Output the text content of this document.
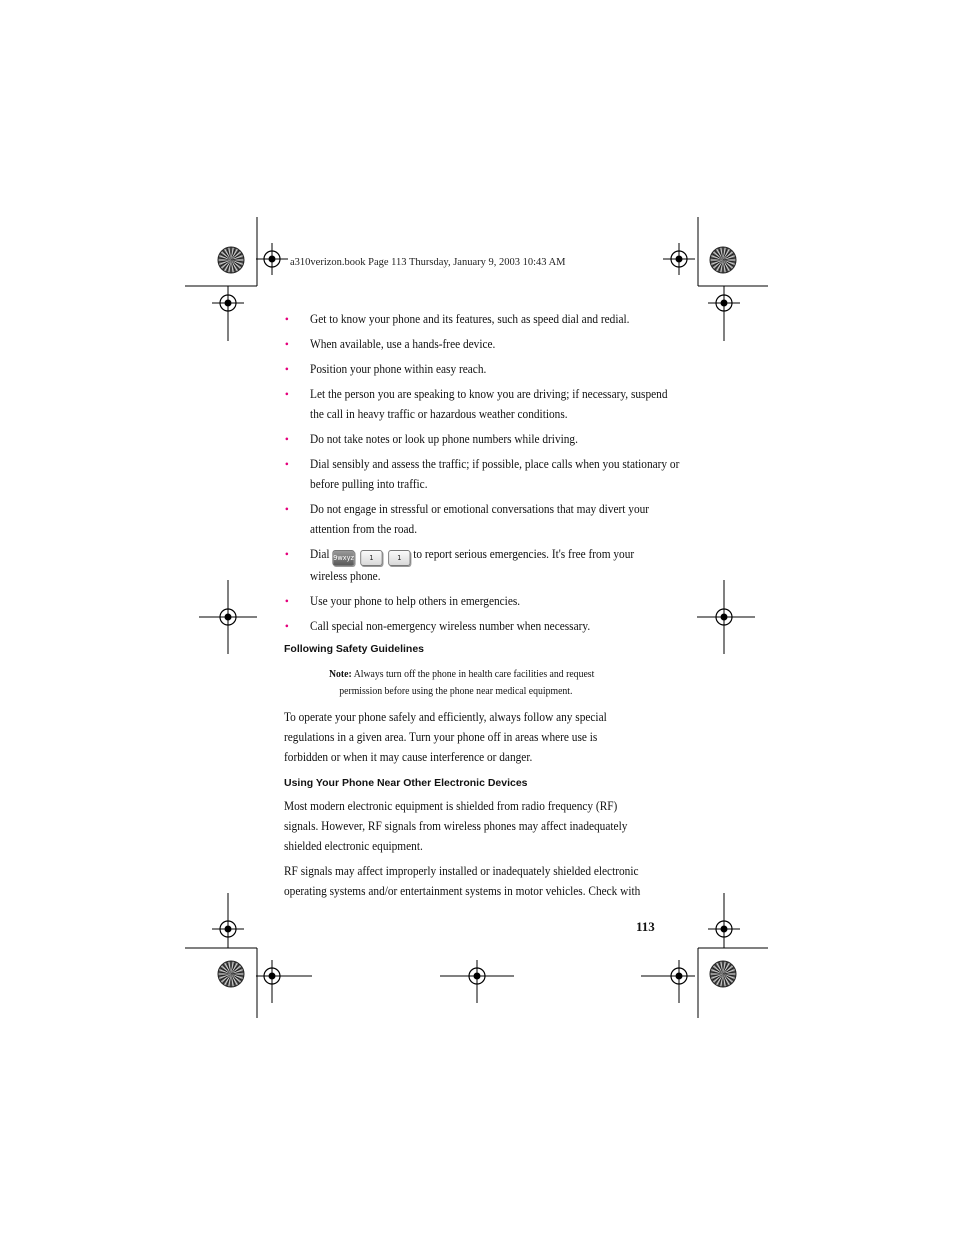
a310verizon.book Page 113 Thursday, January 9, 2003 10:43 AM
• Get to know your phone and its features, such as speed dial and redial.
• When available, use a hands-free device.
• Position your phone within easy reach.
• Let the person you are speaking to know you are driving; if necessary, suspend the call in heavy traffic or hazardous weather conditions.
• Do not take notes or look up phone numbers while driving.
• Dial sensibly and assess the traffic; if possible, place calls when you stationary or before pulling into traffic.
• Do not engage in stressful or emotional conversations that may divert your attention from the road.
• Dial 9wxyz 1	1 to report serious emergencies. It's free from your
wireless phone.
• Use your phone to help others in emergencies.
• Call special non-emergency wireless number when necessary.
Following Safety Guidelines
Note: Always turn off the phone in health care facilities and request
permission before using the phone near medical equipment.
To operate your phone safely and efficiently, always follow any special
regulations in a given area. Turn your phone off in areas where use is
forbidden or when it may cause interference or danger.
Using Your Phone Near Other Electronic Devices
Most modern electronic equipment is shielded from radio frequency (RF)
signals. However, RF signals from wireless phones may affect inadequately
shielded electronic equipment.
RF signals may affect improperly installed or inadequately shielded electronic
operating systems and/or entertainment systems in motor vehicles. Check with
113
